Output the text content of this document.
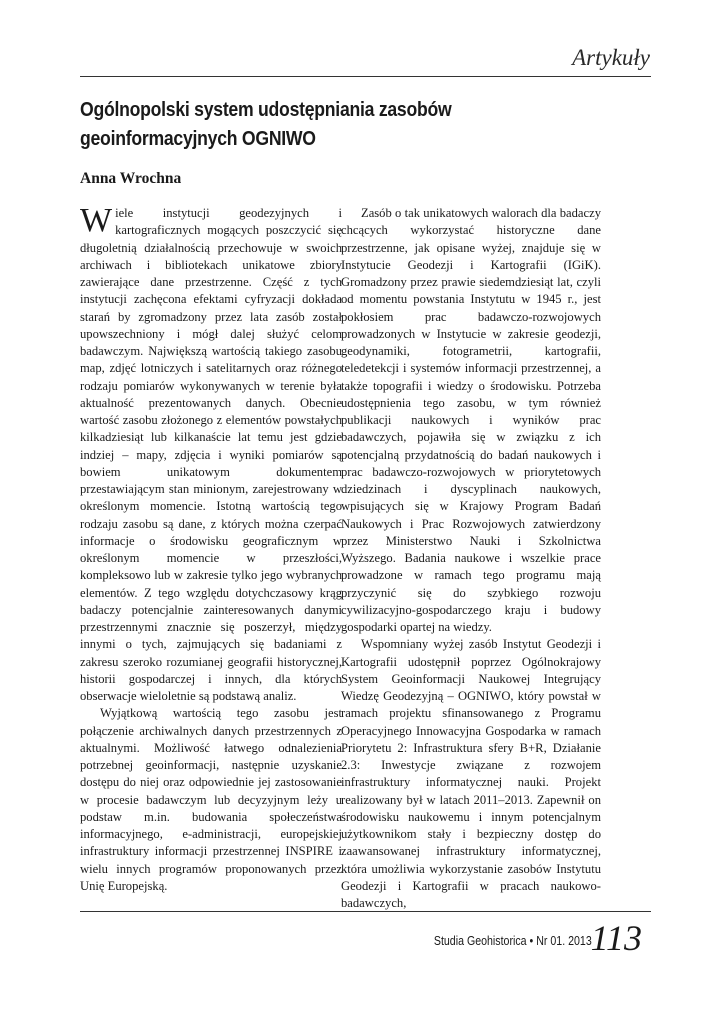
Artykuły
Ogólnopolski system udostępniania zasobów geoinformacyjnych OGNIWO
Anna Wrochna

Wiele instytucji geodezyjnych i kartograficznych mogących poszczycić się długoletnią działalnością przechowuje w swoich archiwach i bibliotekach unikatowe zbiory zawierające dane przestrzenne. Część z tych instytucji zachęcona efektami cyfryzacji dokłada starań by zgromadzony przez lata zasób został upowszechniony i mógł dalej służyć celom badawczym. Największą wartością takiego zasobu map, zdjęć lotniczych i satelitarnych oraz różnego rodzaju pomiarów wykonywanych w terenie była aktualność prezentowanych danych. Obecnie wartość zasobu złożonego z elementów powstałych kilkadziesiąt lub kilkanaście lat temu jest gdzie indziej – mapy, zdjęcia i wyniki pomiarów są bowiem unikatowym dokumentem przestawiającym stan minionym, zarejestrowany w określonym momencie. Istotną wartością tego rodzaju zasobu są dane, z których można czerpać informacje o środowisku geograficznym w określonym momencie w przeszłości, kompleksowo lub w zakresie tylko jego wybranych elementów. Z tego względu dotychczasowy krąg badaczy potencjalnie zainteresowanych danymi przestrzennymi znacznie się poszerzył, między innymi o tych, zajmujących się badaniami z zakresu szeroko rozumianej geografii historycznej, historii gospodarczej i innych, dla których obserwacje wieloletnie są podstawą analiz.

Wyjątkową wartością tego zasobu jest połączenie archiwalnych danych przestrzennych z aktualnymi. Możliwość łatwego odnalezienia potrzebnej geoinformacji, następnie uzyskanie dostępu do niej oraz odpowiednie jej zastosowanie w procesie badawczym lub decyzyjnym leży u podstaw m.in. budowania społeczeństwa informacyjnego, e-administracji, europejskiej infrastruktury informacji przestrzennej INSPIRE i wielu innych programów proponowanych przez Unię Europejską.

Zasób o tak unikatowych walorach dla badaczy chcących wykorzystać historyczne dane przestrzenne, jak opisane wyżej, znajduje się w Instytucie Geodezji i Kartografii (IGiK). Gromadzony przez prawie siedemdziesiąt lat, czyli od momentu powstania Instytutu w 1945 r., jest pokłosiem prac badawczo-rozwojowych prowadzonych w Instytucie w zakresie geodezji, geodynamiki, fotogrametrii, kartografii, teledetekcji i systemów informacji przestrzennej, a także topografii i wiedzy o środowisku. Potrzeba udostępnienia tego zasobu, w tym również publikacji naukowych i wyników prac badawczych, pojawiła się w związku z ich potencjalną przydatnością do badań naukowych i prac badawczo-rozwojowych w priorytetowych dziedzinach i dyscyplinach naukowych, wpisujących się w Krajowy Program Badań Naukowych i Prac Rozwojowych zatwierdzony przez Ministerstwo Nauki i Szkolnictwa Wyższego. Badania naukowe i wszelkie prace prowadzone w ramach tego programu mają przyczynić się do szybkiego rozwoju cywilizacyjno-gospodarczego kraju i budowy gospodarki opartej na wiedzy.

Wspomniany wyżej zasób Instytut Geodezji i Kartografii udostępnił poprzez Ogólnokrajowy System Geoinformacji Naukowej Integrujący Wiedzę Geodezyjną – OGNIWO, który powstał w ramach projektu sfinansowanego z Programu Operacyjnego Innowacyjna Gospodarka w ramach Priorytetu 2: Infrastruktura sfery B+R, Działanie 2.3: Inwestycje związane z rozwojem infrastruktury informatycznej nauki. Projekt realizowany był w latach 2011–2013. Zapewnił on środowisku naukowemu i innym potencjalnym użytkownikom stały i bezpieczny dostęp do zaawansowanej infrastruktury informatycznej, która umożliwia wykorzystanie zasobów Instytutu Geodezji i Kartografii w pracach naukowo-badawczych,

Studia Geohistorica • Nr 01. 2013
113
